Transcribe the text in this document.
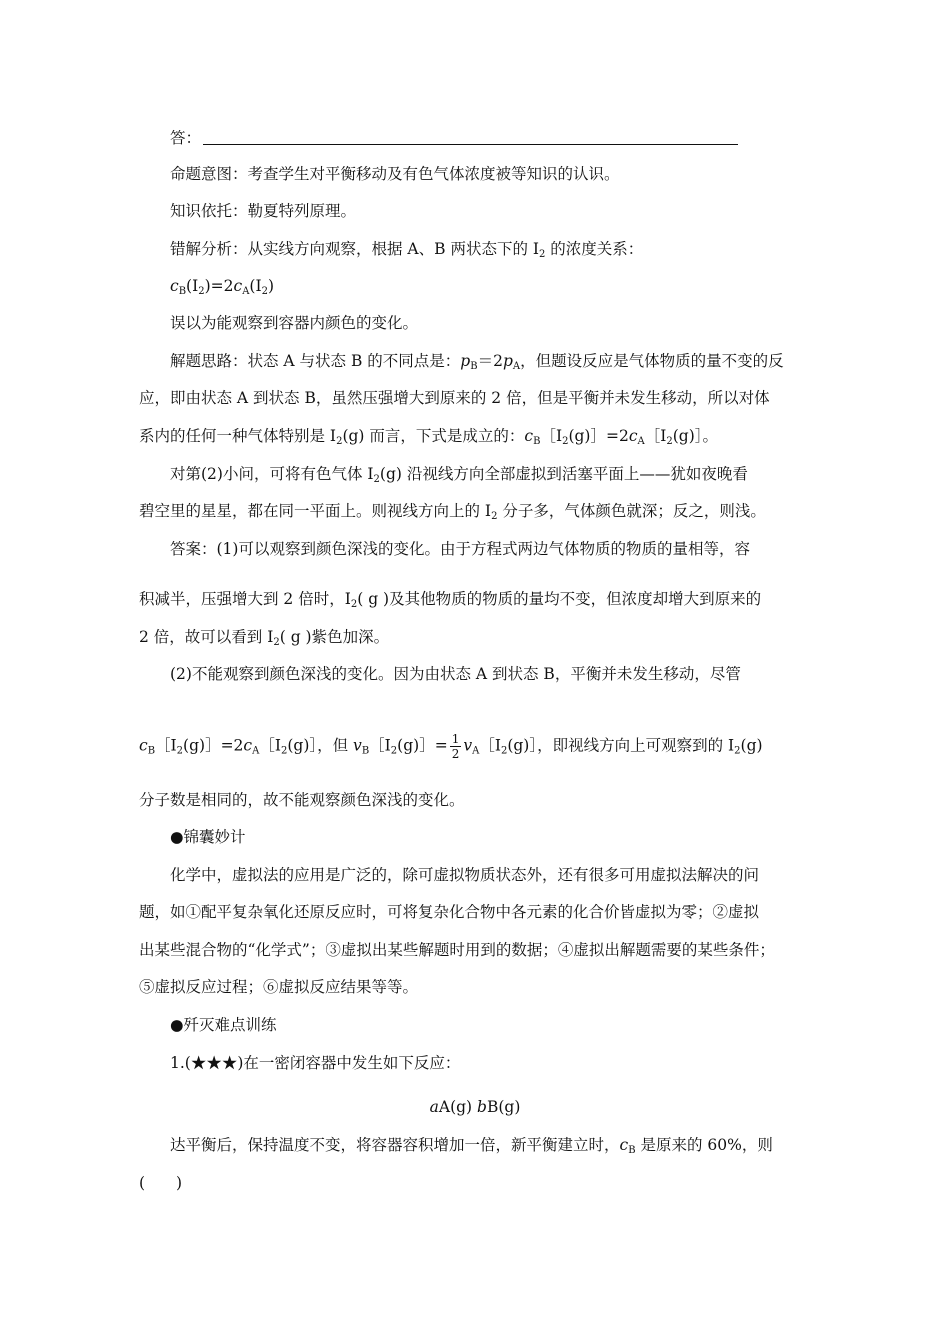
答：
命题意图：考查学生对平衡移动及有色气体浓度被等知识的认识。
知识依托：勒夏特列原理。
错解分析：从实线方向观察，根据 A、B 两状态下的 $I_2$ 的浓度关系：
$c_B(I_2)=2c_A(I_2)$
误以为能观察到容器内颜色的变化。
解题思路：状态 A 与状态 B 的不同点是：$p_B=2p_A$，但题设反应是气体物质的量不变的反
应，即由状态 A 到状态 B，虽然压强增大到原来的 2 倍，但是平衡并未发生移动，所以对体
系内的任何一种气体特别是 $I_2(g)$ 而言，下式是成立的：$c_B[I_2(g)]=2c_A[I_2(g)]$。
对第(2)小问，可将有色气体 $I_2(g)$ 沿视线方向全部虚拟到活塞平面上——犹如夜晚看
碧空里的星星，都在同一平面上。则视线方向上的 $I_2$ 分子多，气体颜色就深；反之，则浅。
答案：(1)可以观察到颜色深浅的变化。由于方程式两边气体物质的物质的量相等，容
积减半，压强增大到 2 倍时，$I_2$( g )及其他物质的物质的量均不变，但浓度却增大到原来的
2 倍，故可以看到 $I_2$( g )紫色加深。
(2)不能观察到颜色深浅的变化。因为由状态 A 到状态 B，平衡并未发生移动，尽管
$c_B[I_2(g)]=2c_A[I_2(g)]$，但 $v_B[I_2(g)]= \frac{1}{2}$ $v_A[I_2(g)]$，即视线方向上可观察到的 $I_2(g)$
分子数是相同的，故不能观察颜色深浅的变化。
●锦囊妙计
化学中，虚拟法的应用是广泛的，除可虚拟物质状态外，还有很多可用虚拟法解决的问
题，如①配平复杂氧化还原反应时，可将复杂化合物中各元素的化合价皆虚拟为零；②虚拟
出某些混合物的“化学式”；③虚拟出某些解题时用到的数据；④虚拟出解题需要的某些条件；
⑤虚拟反应过程；⑥虚拟反应结果等等。
●歼灭难点训练
1.(★★★)在一密闭容器中发生如下反应：
aA(g) bB(g)
达平衡后，保持温度不变，将容器容积增加一倍，新平衡建立时，$c_B$ 是原来的 60%，则
(　　)
